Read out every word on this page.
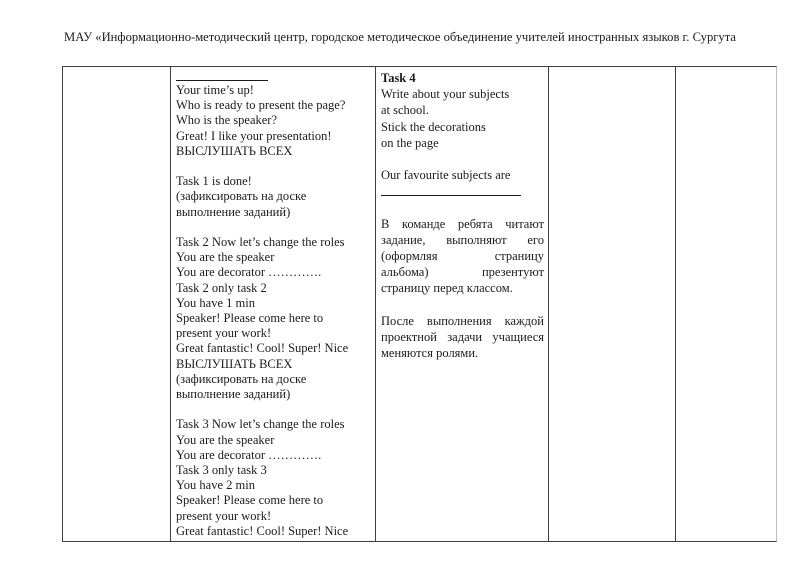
МАУ «Информационно-методический центр, городское методическое объединение учителей иностранных языков г. Сургута
Your time’s up!
Who is ready to present the page?
Who is the speaker?
Great! I like your presentation!
ВЫСЛУШАТЬ ВСЕХ

Task 1 is done!
(зафиксировать на доске
выполнение заданий)

Task 2 Now let’s change the roles
You are the speaker
You are decorator ………….
Task 2 only task 2
You have 1 min
Speaker! Please come here to
present your work!
Great fantastic! Cool! Super! Nice
ВЫСЛУШАТЬ ВСЕХ
(зафиксировать на доске
выполнение заданий)

Task 3 Now let’s change the roles
You are the speaker
You are decorator ………….
Task 3 only task 3
You have 2 min
Speaker! Please come here to
present your work!
Great fantastic! Cool! Super! Nice
Task 4
Write about your subjects
at school.
Stick the decorations
on the page

Our favourite subjects are

В команде ребята читают
задание, выполняют его
(оформляя страницу
альбома) презентуют
страницу перед классом.

После выполнения каждой
проектной задачи учащиеся
меняются ролями.
